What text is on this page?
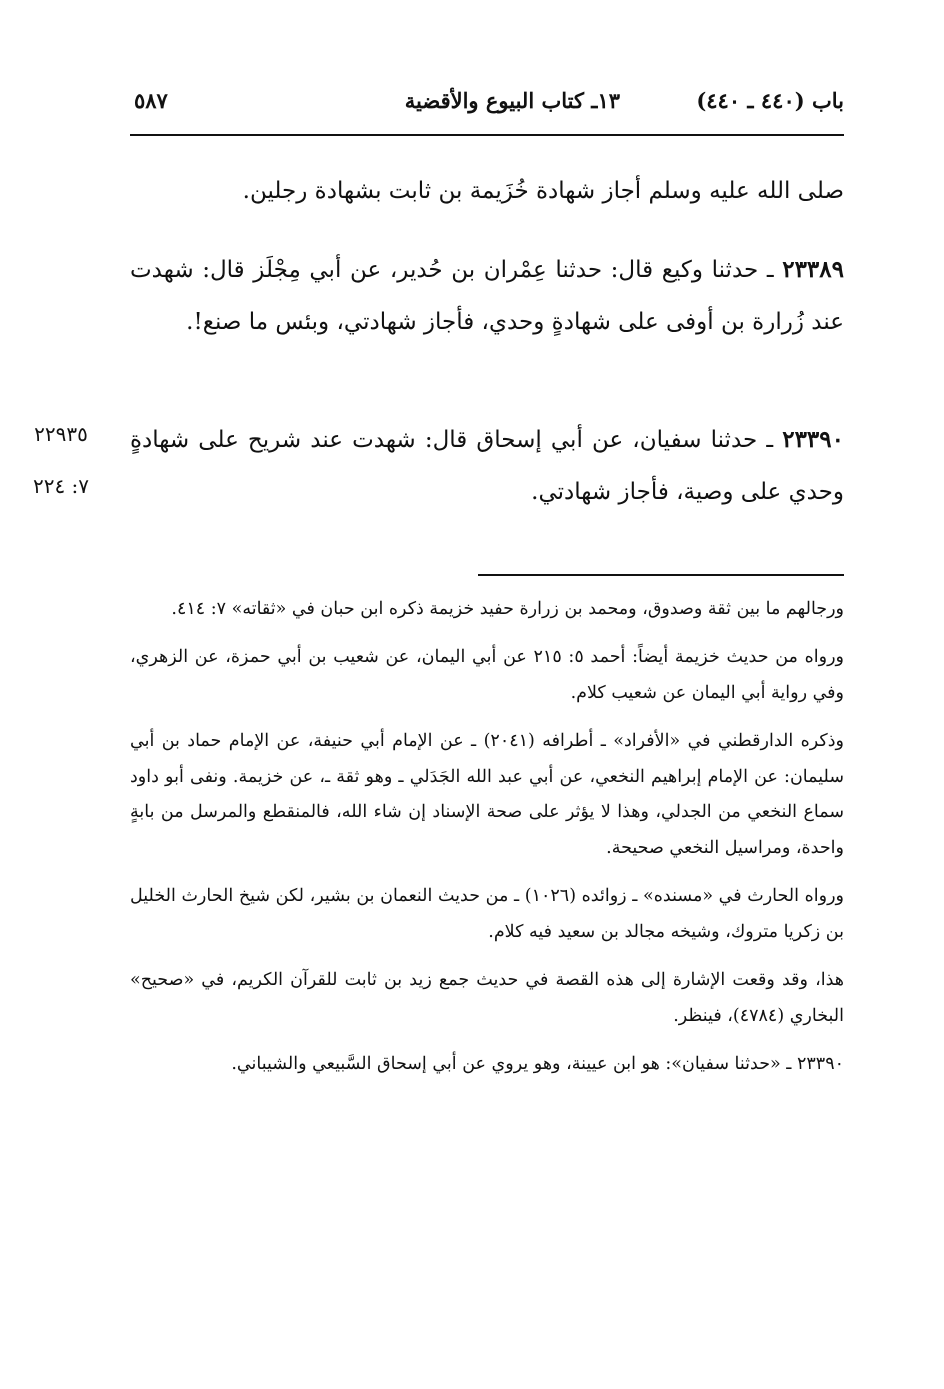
باب (٤٤٠ ـ ٤٤٠)
١٣ـ كتاب البيوع والأقضية
٥٨٧

صلى الله عليه وسلم أجاز شهادة خُزَيمة بن ثابت بشهادة رجلين.

٢٣٣٨٩ ـ حدثنا وكيع قال: حدثنا عِمْران بن حُدير، عن أبي مِجْلَز قال: شهدت عند زُرارة بن أوفى على شهادةٍ وحدي، فأجاز شهادتي، وبئس ما صنع!.

٢٣٣٩٠ ـ حدثنا سفيان، عن أبي إسحاق قال: شهدت عند شريح على شهادةٍ وحدي على وصية، فأجاز شهادتي.

٢٢٩٣٥
٧: ٢٢٤

ورجالهم ما بين ثقة وصدوق، ومحمد بن زرارة حفيد خزيمة ذكره ابن حبان في «ثقاته» ٧: ٤١٤.

ورواه من حديث خزيمة أيضاً: أحمد ٥: ٢١٥ عن أبي اليمان، عن شعيب بن أبي حمزة، عن الزهري، وفي رواية أبي اليمان عن شعيب كلام.

وذكره الدارقطني في «الأفراد» ـ أطرافه (٢٠٤١) ـ عن الإمام أبي حنيفة، عن الإمام حماد بن أبي سليمان: عن الإمام إبراهيم النخعي، عن أبي عبد الله الجَدَلي ـ وهو ثقة ـ، عن خزيمة. ونفى أبو داود سماع النخعي من الجدلي، وهذا لا يؤثر على صحة الإسناد إن شاء الله، فالمنقطع والمرسل من بابةٍ واحدة، ومراسيل النخعي صحيحة.

ورواه الحارث في «مسنده» ـ زوائده (١٠٢٦) ـ من حديث النعمان بن بشير، لكن شيخ الحارث الخليل بن زكريا متروك، وشيخه مجالد بن سعيد فيه كلام.

هذا، وقد وقعت الإشارة إلى هذه القصة في حديث جمع زيد بن ثابت للقرآن الكريم، في «صحيح» البخاري (٤٧٨٤)، فينظر.

٢٣٣٩٠ ـ «حدثنا سفيان»: هو ابن عيينة، وهو يروي عن أبي إسحاق السَّبيعي والشيباني.
